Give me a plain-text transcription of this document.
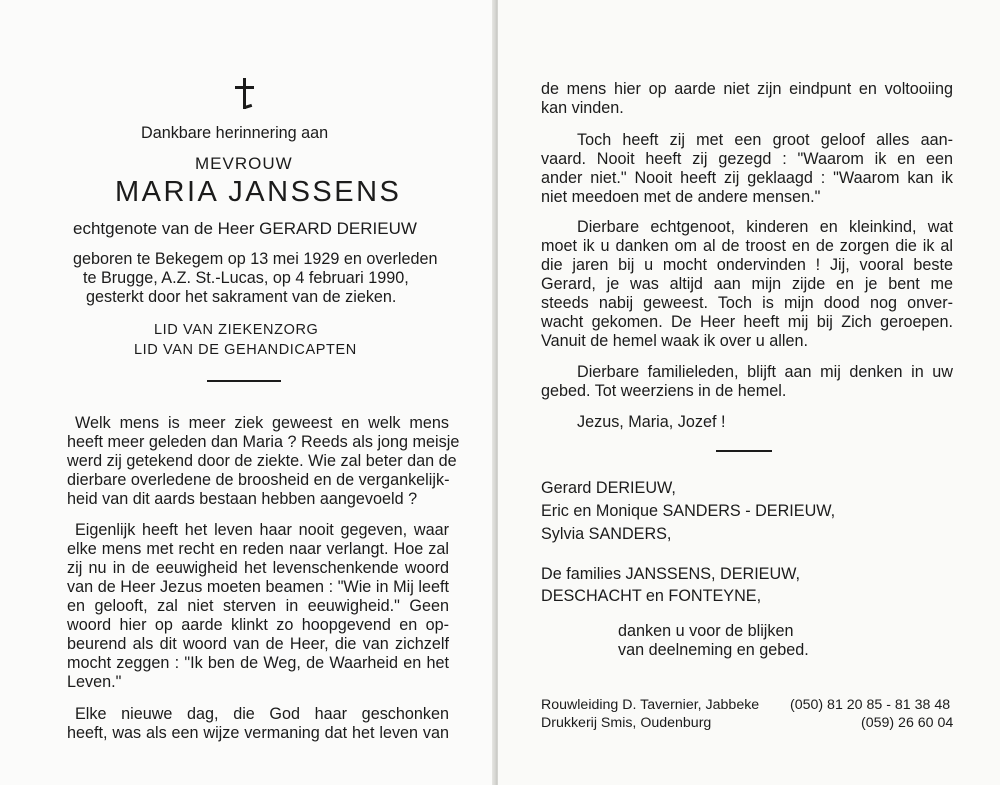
Dankbare herinnering aan
MEVROUW
MARIA JANSSENS
echtgenote van de Heer GERARD DERIEUW
geboren te Bekegem op 13 mei 1929 en overleden
te Brugge, A.Z. St.-Lucas, op 4 februari 1990,
gesterkt door het sakrament van de zieken.
LID VAN ZIEKENZORG
LID VAN DE GEHANDICAPTEN
Welk mens is meer ziek geweest en welk mens
heeft meer geleden dan Maria ? Reeds als jong meisje
werd zij getekend door de ziekte. Wie zal beter dan de
dierbare overledene de broosheid en de vergankelijk-
heid van dit aards bestaan hebben aangevoeld ?
Eigenlijk heeft het leven haar nooit gegeven, waar
elke mens met recht en reden naar verlangt. Hoe zal
zij nu in de eeuwigheid het levenschenkende woord
van de Heer Jezus moeten beamen : "Wie in Mij leeft
en gelooft, zal niet sterven in eeuwigheid." Geen
woord hier op aarde klinkt zo hoopgevend en op-
beurend als dit woord van de Heer, die van zichzelf
mocht zeggen : "Ik ben de Weg, de Waarheid en het
Leven."
Elke nieuwe dag, die God haar geschonken
heeft, was als een wijze vermaning dat het leven van
de mens hier op aarde niet zijn eindpunt en voltooiing
kan vinden.
Toch heeft zij met een groot geloof alles aan-
vaard. Nooit heeft zij gezegd : "Waarom ik en een
ander niet." Nooit heeft zij geklaagd : "Waarom kan ik
niet meedoen met de andere mensen."
Dierbare echtgenoot, kinderen en kleinkind, wat
moet ik u danken om al de troost en de zorgen die ik al
die jaren bij u mocht ondervinden ! Jij, vooral beste
Gerard, je was altijd aan mijn zijde en je bent me
steeds nabij geweest. Toch is mijn dood nog onver-
wacht gekomen. De Heer heeft mij bij Zich geroepen.
Vanuit de hemel waak ik over u allen.
Dierbare familieleden, blijft aan mij denken in uw
gebed. Tot weerziens in de hemel.
Jezus, Maria, Jozef !
Gerard DERIEUW,
Eric en Monique SANDERS - DERIEUW,
Sylvia SANDERS,
De families JANSSENS, DERIEUW,
DESCHACHT en FONTEYNE,
danken u voor de blijken
van deelneming en gebed.
Rouwleiding D. Tavernier, Jabbeke (050) 81 20 85 - 81 38 48
Drukkerij Smis, Oudenburg	(059) 26 60 04
